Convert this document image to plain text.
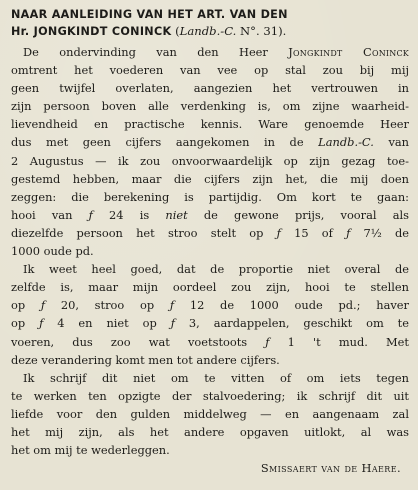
NAAR AANLEIDING VAN HET ART. VAN DEN
Hr. JONGKINDT CONINCK (Landb.-C. N°. 31).
De ondervinding van den Heer Jongkindt Coninck
omtrent het voederen van vee op stal zou bij mij
geen twijfel overlaten, aangezien het vertrouwen in
zijn persoon boven alle verdenking is, om zijne waarheid-
lievendheid en practische kennis. Ware genoemde Heer
dus met geen cijfers aangekomen in de Landb.-C. van
2 Augustus — ik zou onvoorwaardelijk op zijn gezag toe-
gestemd hebben, maar die cijfers zijn het, die mij doen
zeggen: die berekening is partijdig. Om kort te gaan:
hooi van ƒ 24 is niet de gewone prijs, vooral als
diezelfde persoon het stroo stelt op ƒ 15 of ƒ 7½ de
1000 oude pd.
Ik weet heel goed, dat de proportie niet overal de
zelfde is, maar mijn oordeel zou zijn, hooi te stellen
op ƒ 20, stroo op ƒ 12 de 1000 oude pd.; haver
op ƒ 4 en niet op ƒ 3, aardappelen, geschikt om te
voeren, dus zoo wat voetstoots ƒ 1 't mud. Met
deze verandering komt men tot andere cijfers.
Ik schrijf dit niet om te vitten of om iets tegen
te werken ten opzigte der stalvoedering; ik schrijf dit uit
liefde voor den gulden middelweg — en aangenaam zal
het mij zijn, als het andere opgaven uitlokt, al was
het om mij te wederleggen.
Smissaert van de Haere.
